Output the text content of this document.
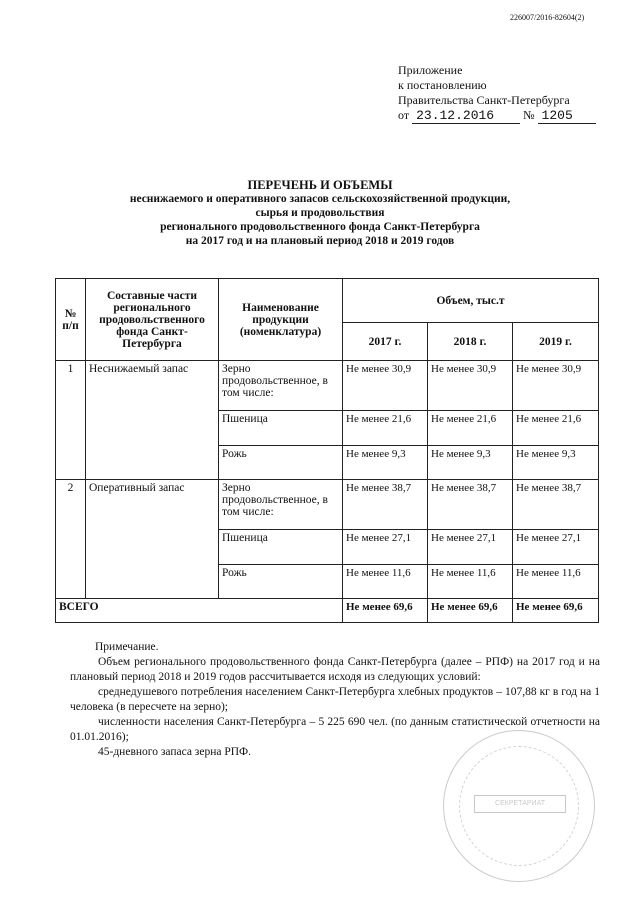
226007/2016-82604(2)
Приложение
к постановлению
Правительства Санкт-Петербурга
от 23.12.2016 № 1205
ПЕРЕЧЕНЬ И ОБЪЕМЫ
неснижаемого и оперативного запасов сельскохозяйственной продукции,
сырья и продовольствия
регионального продовольственного фонда Санкт-Петербурга
на 2017 год и на плановый период 2018 и 2019 годов
№ п/п	Составные части регионального продовольственного фонда Санкт-Петербурга	Наименование продукции (номенклатура)	Объем, тыс.т		
			2017 г.	2018 г.	2019 г.
1	Неснижаемый запас	Зерно продовольственное, в том числе:	Не менее 30,9	Не менее 30,9	Не менее 30,9
		Пшеница	Не менее 21,6	Не менее 21,6	Не менее 21,6
		Рожь	Не менее 9,3	Не менее 9,3	Не менее 9,3
2	Оперативный запас	Зерно продовольственное, в том числе:	Не менее 38,7	Не менее 38,7	Не менее 38,7
		Пшеница	Не менее 27,1	Не менее 27,1	Не менее 27,1
		Рожь	Не менее 11,6	Не менее 11,6	Не менее 11,6
ВСЕГО			Не менее 69,6	Не менее 69,6	Не менее 69,6
Примечание.
Объем регионального продовольственного фонда Санкт-Петербурга (далее – РПФ) на 2017 год и на плановый период 2018 и 2019 годов рассчитывается исходя из следующих условий:
среднедушевого потребления населением Санкт-Петербурга хлебных продуктов – 107,88 кг в год на 1 человека (в пересчете на зерно);
численности населения Санкт-Петербурга – 5 225 690 чел. (по данным статистической отчетности на 01.01.2016);
45-дневного запаса зерна РПФ.
СЕКРЕТАРИАТ
